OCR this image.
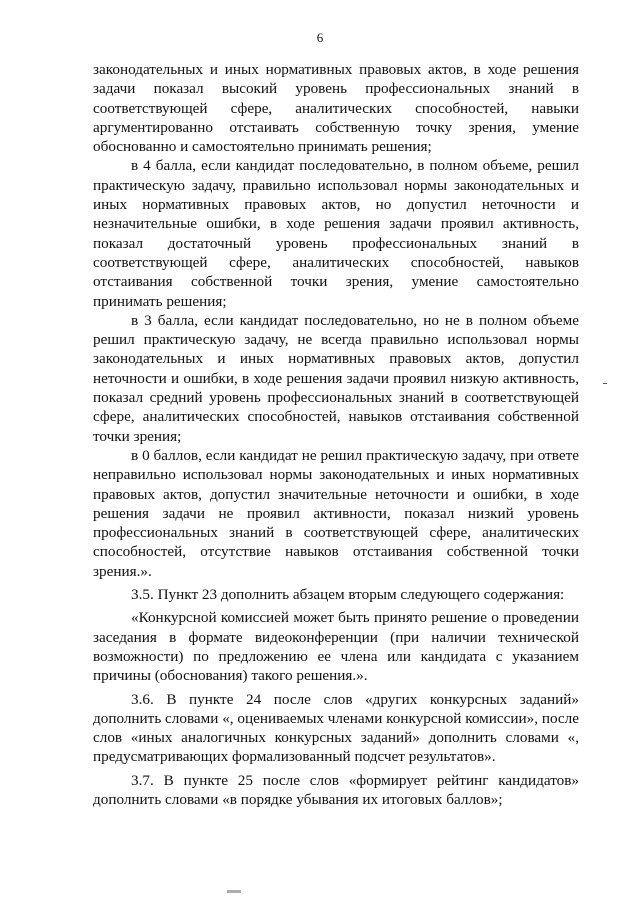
6

законодательных и иных нормативных правовых актов, в ходе решения задачи показал высокий уровень профессиональных знаний в соответствующей сфере, аналитических способностей, навыки аргументированно отстаивать собственную точку зрения, умение обоснованно и самостоятельно принимать решения;

в 4 балла, если кандидат последовательно, в полном объеме, решил практическую задачу, правильно использовал нормы законодательных и иных нормативных правовых актов, но допустил неточности и незначительные ошибки, в ходе решения задачи проявил активность, показал достаточный уровень профессиональных знаний в соответствующей сфере, аналитических способностей, навыков отстаивания собственной точки зрения, умение самостоятельно принимать решения;

в 3 балла, если кандидат последовательно, но не в полном объеме решил практическую задачу, не всегда правильно использовал нормы законодательных и иных нормативных правовых актов, допустил неточности и ошибки, в ходе решения задачи проявил низкую активность, показал средний уровень профессиональных знаний в соответствующей сфере, аналитических способностей, навыков отстаивания собственной точки зрения;

в 0 баллов, если кандидат не решил практическую задачу, при ответе неправильно использовал нормы законодательных и иных нормативных правовых актов, допустил значительные неточности и ошибки, в ходе решения задачи не проявил активности, показал низкий уровень профессиональных знаний в соответствующей сфере, аналитических способностей, отсутствие навыков отстаивания собственной точки зрения.».

3.5. Пункт 23 дополнить абзацем вторым следующего содержания:

«Конкурсной комиссией может быть принято решение о проведении заседания в формате видеоконференции (при наличии технической возможности) по предложению ее члена или кандидата с указанием причины (обоснования) такого решения.».

3.6. В пункте 24 после слов «других конкурсных заданий» дополнить словами «, оцениваемых членами конкурсной комиссии», после слов «иных аналогичных конкурсных заданий» дополнить словами «, предусматривающих формализованный подсчет результатов».

3.7. В пункте 25 после слов «формирует рейтинг кандидатов» дополнить словами «в порядке убывания их итоговых баллов»;
